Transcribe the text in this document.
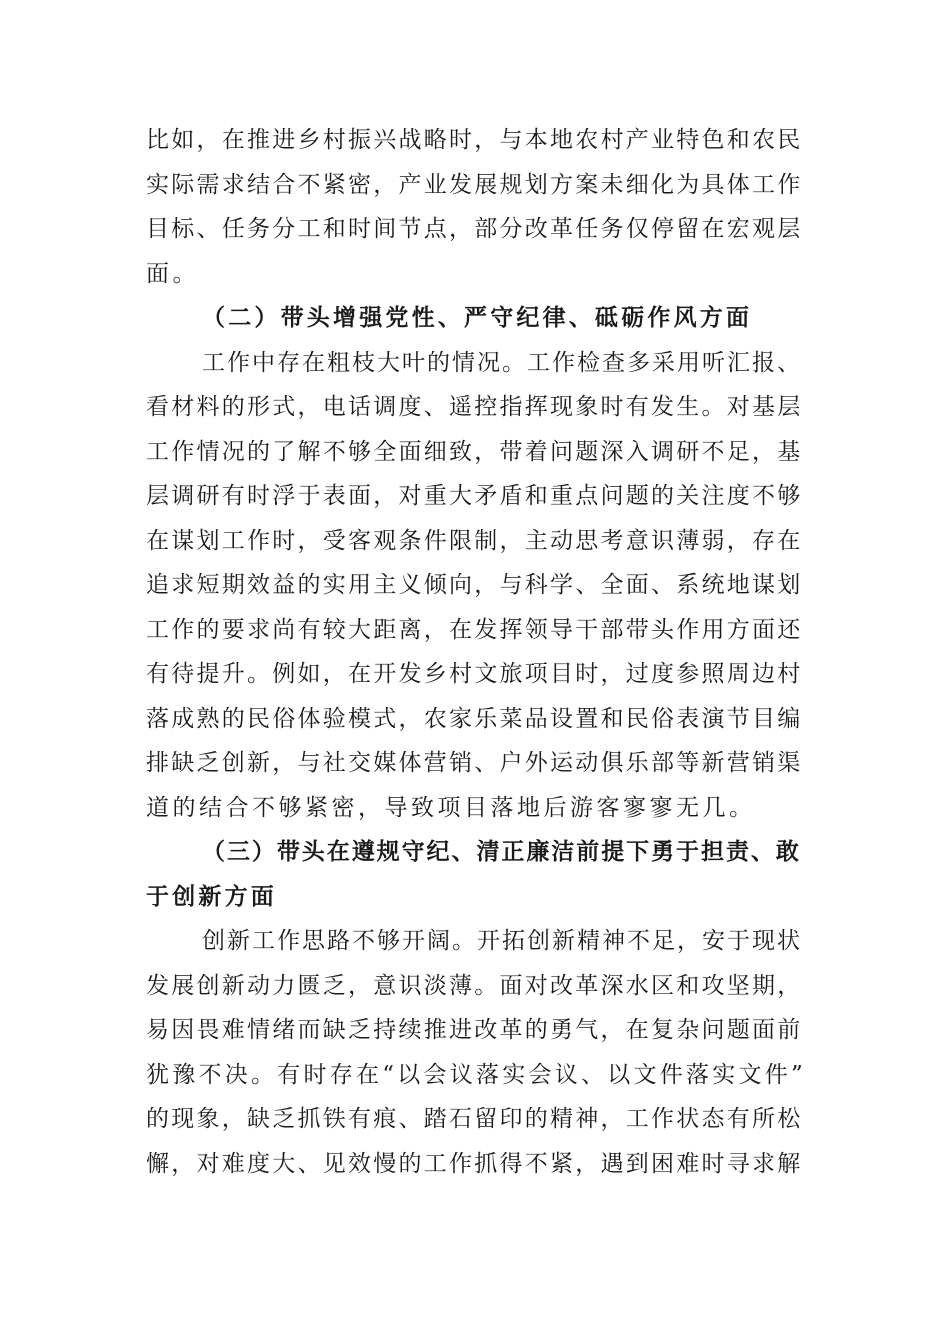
比如，在推进乡村振兴战略时，与本地农村产业特色和农民
实际需求结合不紧密，产业发展规划方案未细化为具体工作
目标、任务分工和时间节点，部分改革任务仅停留在宏观层
面。
（二）带头增强党性、严守纪律、砥砺作风方面
工作中存在粗枝大叶的情况。工作检查多采用听汇报、
看材料的形式，电话调度、遥控指挥现象时有发生。对基层
工作情况的了解不够全面细致，带着问题深入调研不足，基
层调研有时浮于表面，对重大矛盾和重点问题的关注度不够
在谋划工作时，受客观条件限制，主动思考意识薄弱，存在
追求短期效益的实用主义倾向，与科学、全面、系统地谋划
工作的要求尚有较大距离，在发挥领导干部带头作用方面还
有待提升。例如，在开发乡村文旅项目时，过度参照周边村
落成熟的民俗体验模式，农家乐菜品设置和民俗表演节目编
排缺乏创新，与社交媒体营销、户外运动俱乐部等新营销渠
道的结合不够紧密，导致项目落地后游客寥寥无几。
（三）带头在遵规守纪、清正廉洁前提下勇于担责、敢
于创新方面
创新工作思路不够开阔。开拓创新精神不足，安于现状
发展创新动力匮乏，意识淡薄。面对改革深水区和攻坚期，
易因畏难情绪而缺乏持续推进改革的勇气，在复杂问题面前
犹豫不决。有时存在“以会议落实会议、以文件落实文件”
的现象，缺乏抓铁有痕、踏石留印的精神，工作状态有所松
懈，对难度大、见效慢的工作抓得不紧，遇到困难时寻求解
